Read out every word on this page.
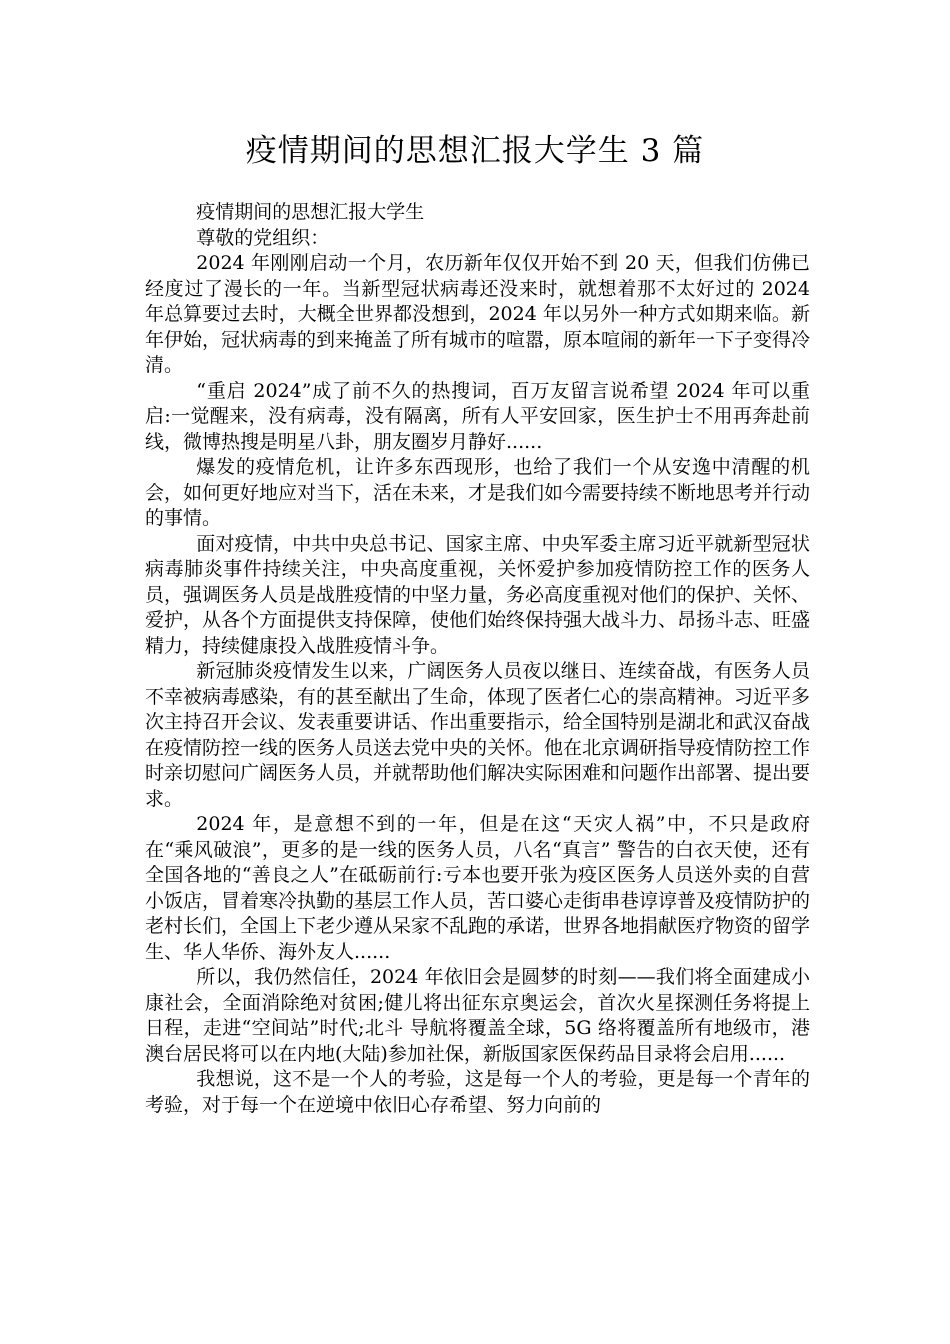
疫情期间的思想汇报大学生 3 篇

疫情期间的思想汇报大学生

尊敬的党组织：

2024 年刚刚启动一个月，农历新年仅仅开始不到 20 天，但我们仿佛已经度过了漫长的一年。当新型冠状病毒还没来时，就想着那不太好过的 2024 年总算要过去时，大概全世界都没想到，2024 年以另外一种方式如期来临。新年伊始，冠状病毒的到来掩盖了所有城市的喧嚣，原本喧闹的新年一下子变得冷清。

“重启 2024”成了前不久的热搜词，百万友留言说希望 2024 年可以重启:一觉醒来，没有病毒，没有隔离，所有人平安回家，医生护士不用再奔赴前线，微博热搜是明星八卦，朋友圈岁月静好......

爆发的疫情危机，让许多东西现形，也给了我们一个从安逸中清醒的机会，如何更好地应对当下，活在未来，才是我们如今需要持续不断地思考并行动的事情。

面对疫情，中共中央总书记、国家主席、中央军委主席习近平就新型冠状病毒肺炎事件持续关注，中央高度重视，关怀爱护参加疫情防控工作的医务人员，强调医务人员是战胜疫情的中坚力量，务必高度重视对他们的保护、关怀、爱护，从各个方面提供支持保障，使他们始终保持强大战斗力、昂扬斗志、旺盛精力，持续健康投入战胜疫情斗争。

新冠肺炎疫情发生以来，广阔医务人员夜以继日、连续奋战，有医务人员不幸被病毒感染，有的甚至献出了生命，体现了医者仁心的崇高精神。习近平多次主持召开会议、发表重要讲话、作出重要指示，给全国特别是湖北和武汉奋战在疫情防控一线的医务人员送去党中央的关怀。他在北京调研指导疫情防控工作时亲切慰问广阔医务人员，并就帮助他们解决实际困难和问题作出部署、提出要求。

2024 年，是意想不到的一年，但是在这“天灾人祸”中，不只是政府在“乘风破浪”，更多的是一线的医务人员，八名“真言” 警告的白衣天使，还有全国各地的“善良之人”在砥砺前行:亏本也要开张为疫区医务人员送外卖的自营小饭店，冒着寒冷执勤的基层工作人员，苦口婆心走街串巷谆谆普及疫情防护的老村长们，全国上下老少遵从呆家不乱跑的承诺，世界各地捐献医疗物资的留学生、华人华侨、海外友人......

所以，我仍然信任，2024 年依旧会是圆梦的时刻——我们将全面建成小康社会，全面消除绝对贫困;健儿将出征东京奥运会，首次火星探测任务将提上日程，走进“空间站”时代;北斗 导航将覆盖全球，5G 络将覆盖所有地级市，港澳台居民将可以在内地(大陆)参加社保，新版国家医保药品目录将会启用......

我想说，这不是一个人的考验，这是每一个人的考验，更是每一个青年的考验，对于每一个在逆境中依旧心存希望、努力向前的
